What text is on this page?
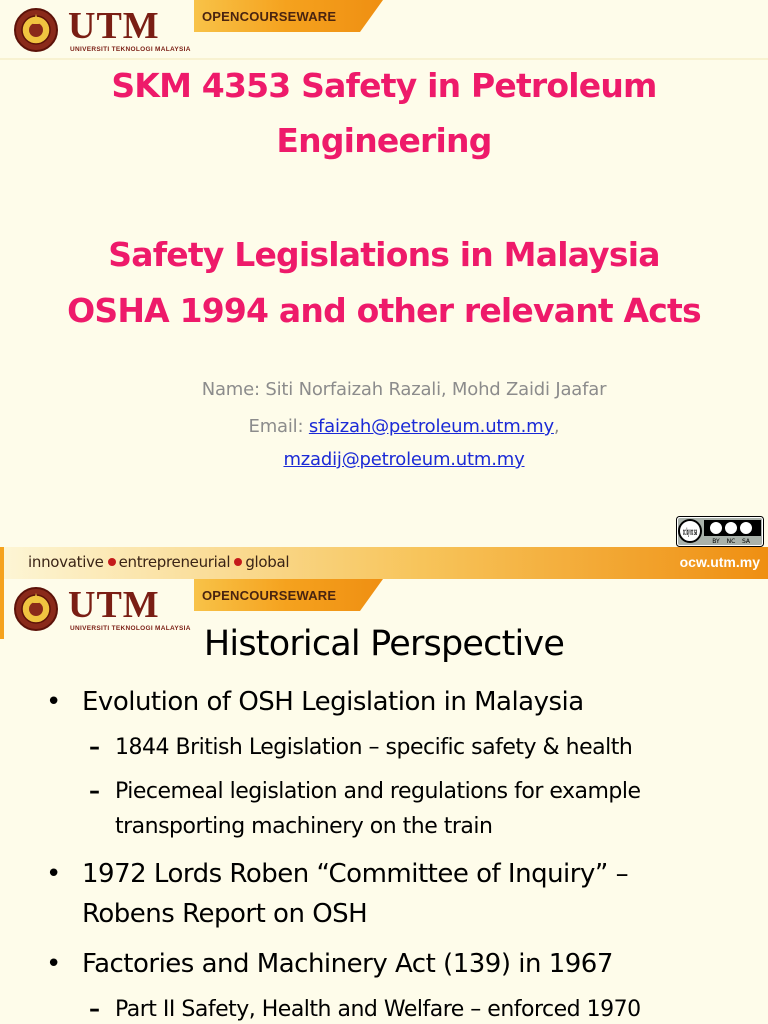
UTM
UNIVERSITI TEKNOLOGI MALAYSIA
OPENCOURSEWARE
SKM 4353 Safety in Petroleum
Engineering
Safety Legislations in Malaysia
OSHA 1994 and other relevant Acts
Name: Siti Norfaizah Razali, Mohd Zaidi Jaafar
Email: sfaizah@petroleum.utm.my,
mzadij@petroleum.utm.my
cc by nc sa
BY NC SA
innovative entrepreneurial global	ocw.utm.my
UTM
UNIVERSITI TEKNOLOGI MALAYSIA
OPENCOURSEWARE
Historical Perspective
• Evolution of OSH Legislation in Malaysia
– 1844 British Legislation – specific safety & health
– Piecemeal legislation and regulations for example
transporting machinery on the train
• 1972 Lords Roben “Committee of Inquiry” –
Robens Report on OSH
• Factories and Machinery Act (139) in 1967
– Part II Safety, Health and Welfare – enforced 1970
